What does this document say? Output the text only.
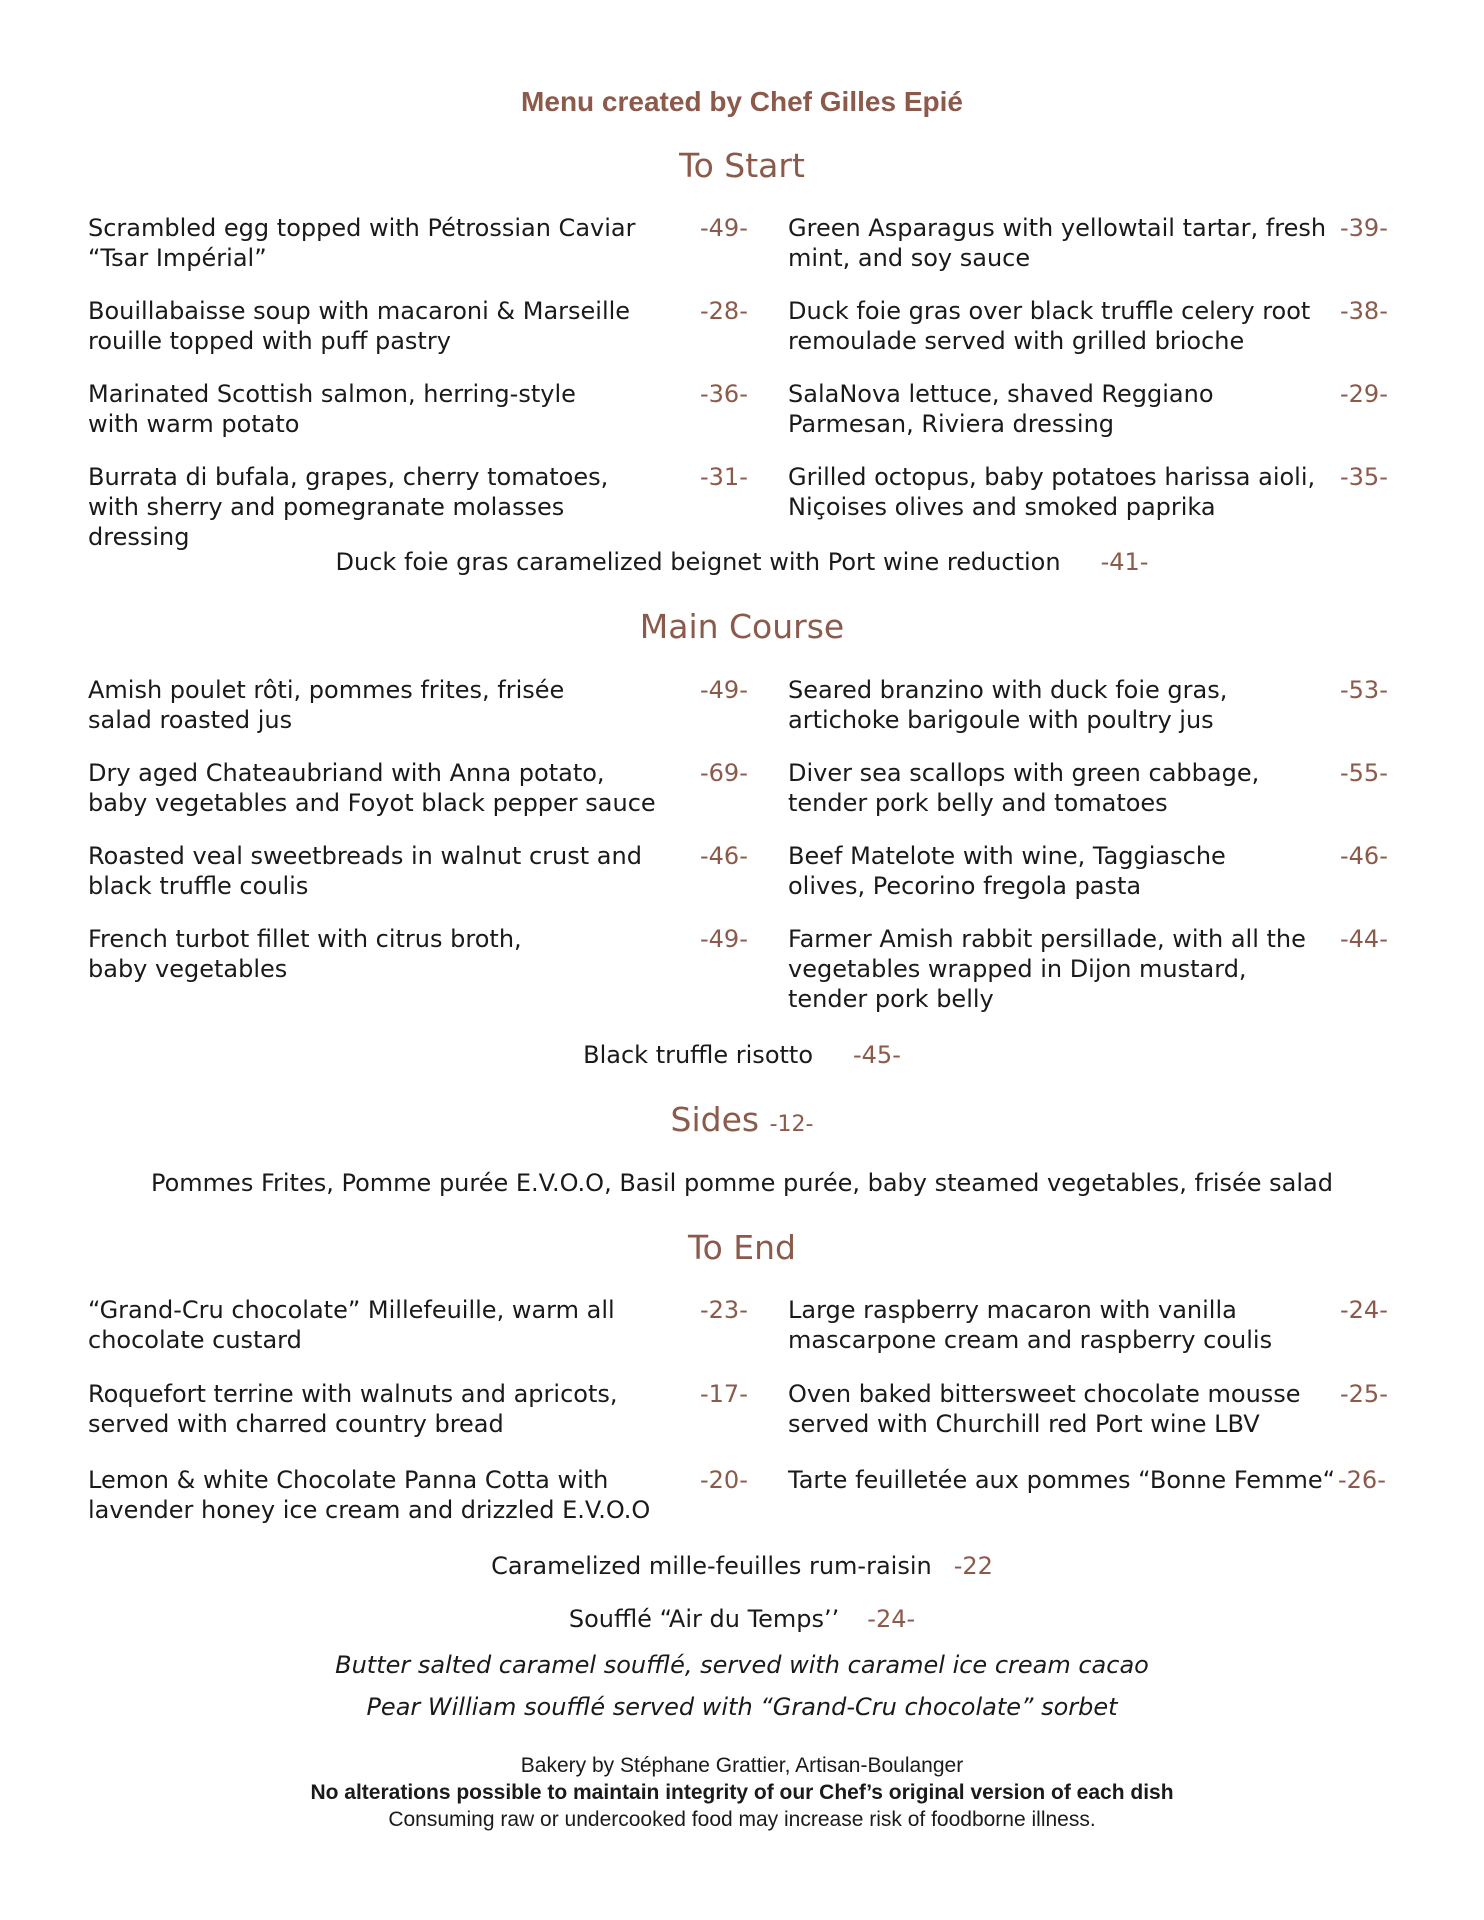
Menu created by Chef Gilles Epié
To Start
Scrambled egg topped with Pétrossian Caviar “Tsar Impérial”
-49- Green Asparagus with yellowtail tartar, fresh mint, and soy sauce
-39-
Bouillabaisse soup with macaroni & Marseille rouille topped with puff pastry
-28- Duck foie gras over black truffle celery root remoulade served with grilled brioche
-38-
Marinated Scottish salmon, herring-style with warm potato
-36- SalaNova lettuce, shaved Reggiano Parmesan, Riviera dressing
-29-
Burrata di bufala, grapes, cherry tomatoes, with sherry and pomegranate molasses dressing
-31- Grilled octopus, baby potatoes harissa aioli, Niçoises olives and smoked paprika
-35-
Duck foie gras caramelized beignet with Port wine reduction -41-
Main Course
Amish poulet rôti, pommes frites, frisée salad roasted jus
-49- Seared branzino with duck foie gras, artichoke barigoule with poultry jus
-53-
Dry aged Chateaubriand with Anna potato, baby vegetables and Foyot black pepper sauce
-69- Diver sea scallops with green cabbage, tender pork belly and tomatoes
-55-
Roasted veal sweetbreads in walnut crust and black truffle coulis
-46- Beef Matelote with wine, Taggiasche olives, Pecorino fregola pasta
-46-
French turbot fillet with citrus broth, baby vegetables
-49- Farmer Amish rabbit persillade, with all the vegetables wrapped in Dijon mustard, tender pork belly
-44-
Black truffle risotto -45-
Sides -12-
Pommes Frites, Pomme purée E.V.O.O, Basil pomme purée, baby steamed vegetables, frisée salad
To End
“Grand-Cru chocolate” Millefeuille, warm all chocolate custard
-23- Large raspberry macaron with vanilla mascarpone cream and raspberry coulis
-24-
Roquefort terrine with walnuts and apricots, served with charred country bread
-17- Oven baked bittersweet chocolate mousse served with Churchill red Port wine LBV
-25-
Lemon & white Chocolate Panna Cotta with lavender honey ice cream and drizzled E.V.O.O
-20- Tarte feuilletée aux pommes “Bonne Femme“ -26-
Caramelized mille-feuilles rum-raisin -22
Soufflé “Air du Temps’’ -24-
Butter salted caramel soufflé, served with caramel ice cream cacao
Pear William soufflé served with “Grand-Cru chocolate” sorbet
Bakery by Stéphane Grattier, Artisan-Boulanger
No alterations possible to maintain integrity of our Chef’s original version of each dish
Consuming raw or undercooked food may increase risk of foodborne illness.
